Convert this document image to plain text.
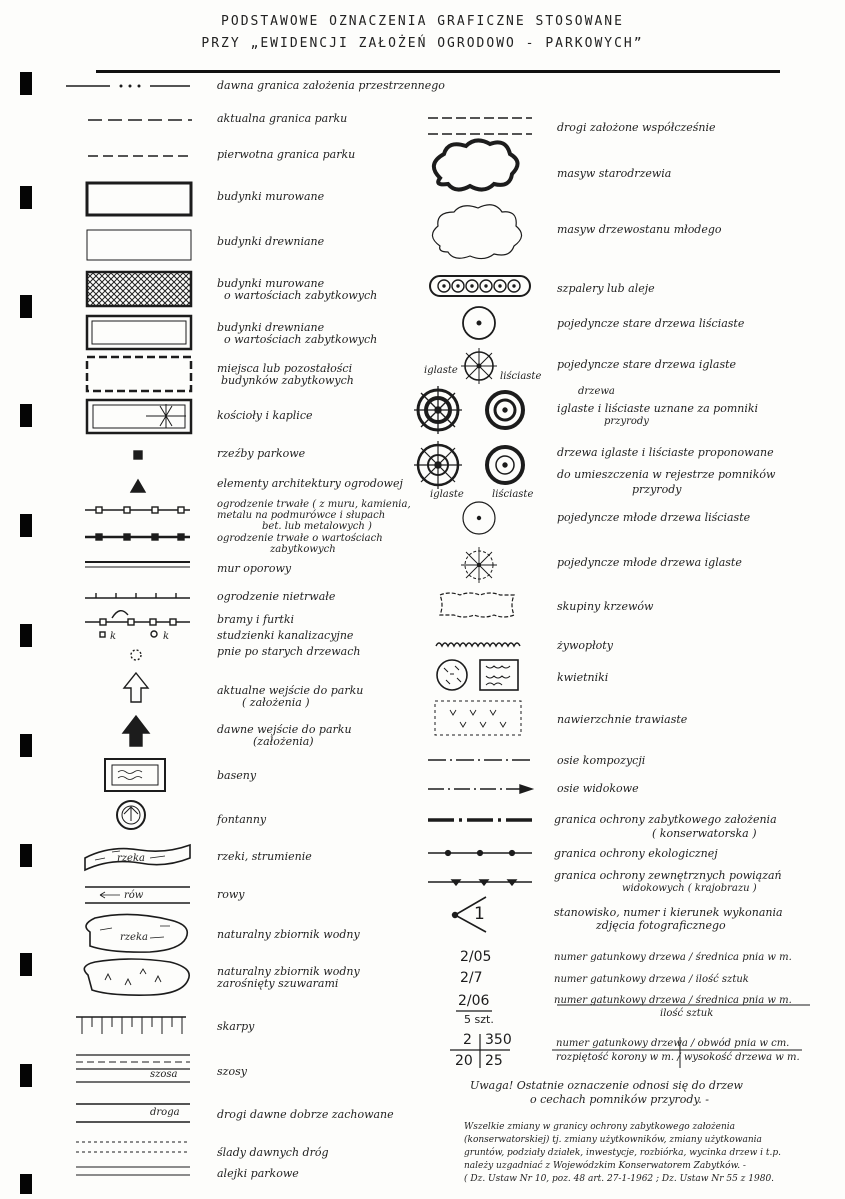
PODSTAWOWE OZNACZENIA GRAFICZNE STOSOWANE
PRZY „EWIDENCJI ZAŁOŻEŃ OGRODOWO - PARKOWYCH”
rzeka
rów
rzeka
szosa
droga
k	k
iglaste
liściaste
iglaste	liściaste
1
2/05
2/7
2/06
5 szt.
2 350
20 25
dawna granica założenia przestrzennego
aktualna granica parku
pierwotna granica parku
budynki murowane
budynki drewniane
budynki murowane
o wartościach zabytkowych
budynki drewniane
o wartościach zabytkowych
miejsca lub pozostałości
budynków zabytkowych
kościoły i kaplice
rzeźby parkowe
elementy architektury ogrodowej
ogrodzenie trwałe ( z muru, kamienia,
metalu na podmurówce i słupach
bet. lub metalowych )
ogrodzenie trwałe o wartościach
zabytkowych
mur oporowy
ogrodzenie nietrwałe
bramy i furtki
studzienki kanalizacyjne
pnie po starych drzewach
aktualne wejście do parku
( założenia )
dawne wejście do parku
(założenia)
baseny
fontanny
rzeki, strumienie
rowy
naturalny zbiornik wodny
naturalny zbiornik wodny
zarośnięty szuwarami
skarpy
szosy
drogi dawne dobrze zachowane
ślady dawnych dróg
alejki parkowe
drogi założone współcześnie
masyw starodrzewia
masyw drzewostanu młodego
szpalery lub aleje
pojedyncze stare drzewa liściaste
pojedyncze stare drzewa iglaste
drzewa
iglaste i liściaste uznane za pomniki
przyrody
drzewa iglaste i liściaste proponowane
do umieszczenia w rejestrze pomników
przyrody
pojedyncze młode drzewa liściaste
pojedyncze młode drzewa iglaste
skupiny krzewów
żywopłoty
kwietniki
nawierzchnie trawiaste
osie kompozycji
osie widokowe
granica ochrony zabytkowego założenia
( konserwatorska )
granica ochrony ekologicznej
granica ochrony zewnętrznych powiązań
widokowych ( krajobrazu )
stanowisko, numer i kierunek wykonania
zdjęcia fotograficznego
numer gatunkowy drzewa / średnica pnia w m.
numer gatunkowy drzewa / ilość sztuk
numer gatunkowy drzewa / średnica pnia w m.
ilość sztuk
numer gatunkowy drzewa / obwód pnia w cm.
rozpiętość korony w m. / wysokość drzewa w m.
Uwaga! Ostatnie oznaczenie odnosi się do drzew
o cechach pomników przyrody. -
Wszelkie zmiany w granicy ochrony zabytkowego założenia
(konserwatorskiej) tj. zmiany użytkowników, zmiany użytkowania
gruntów, podziały działek, inwestycje, rozbiórka, wycinka drzew i t.p.
należy uzgadniać z Wojewódzkim Konserwatorem Zabytków. -
( Dz. Ustaw Nr 10, poz. 48 art. 27-1-1962 ; Dz. Ustaw Nr 55 z 1980.
